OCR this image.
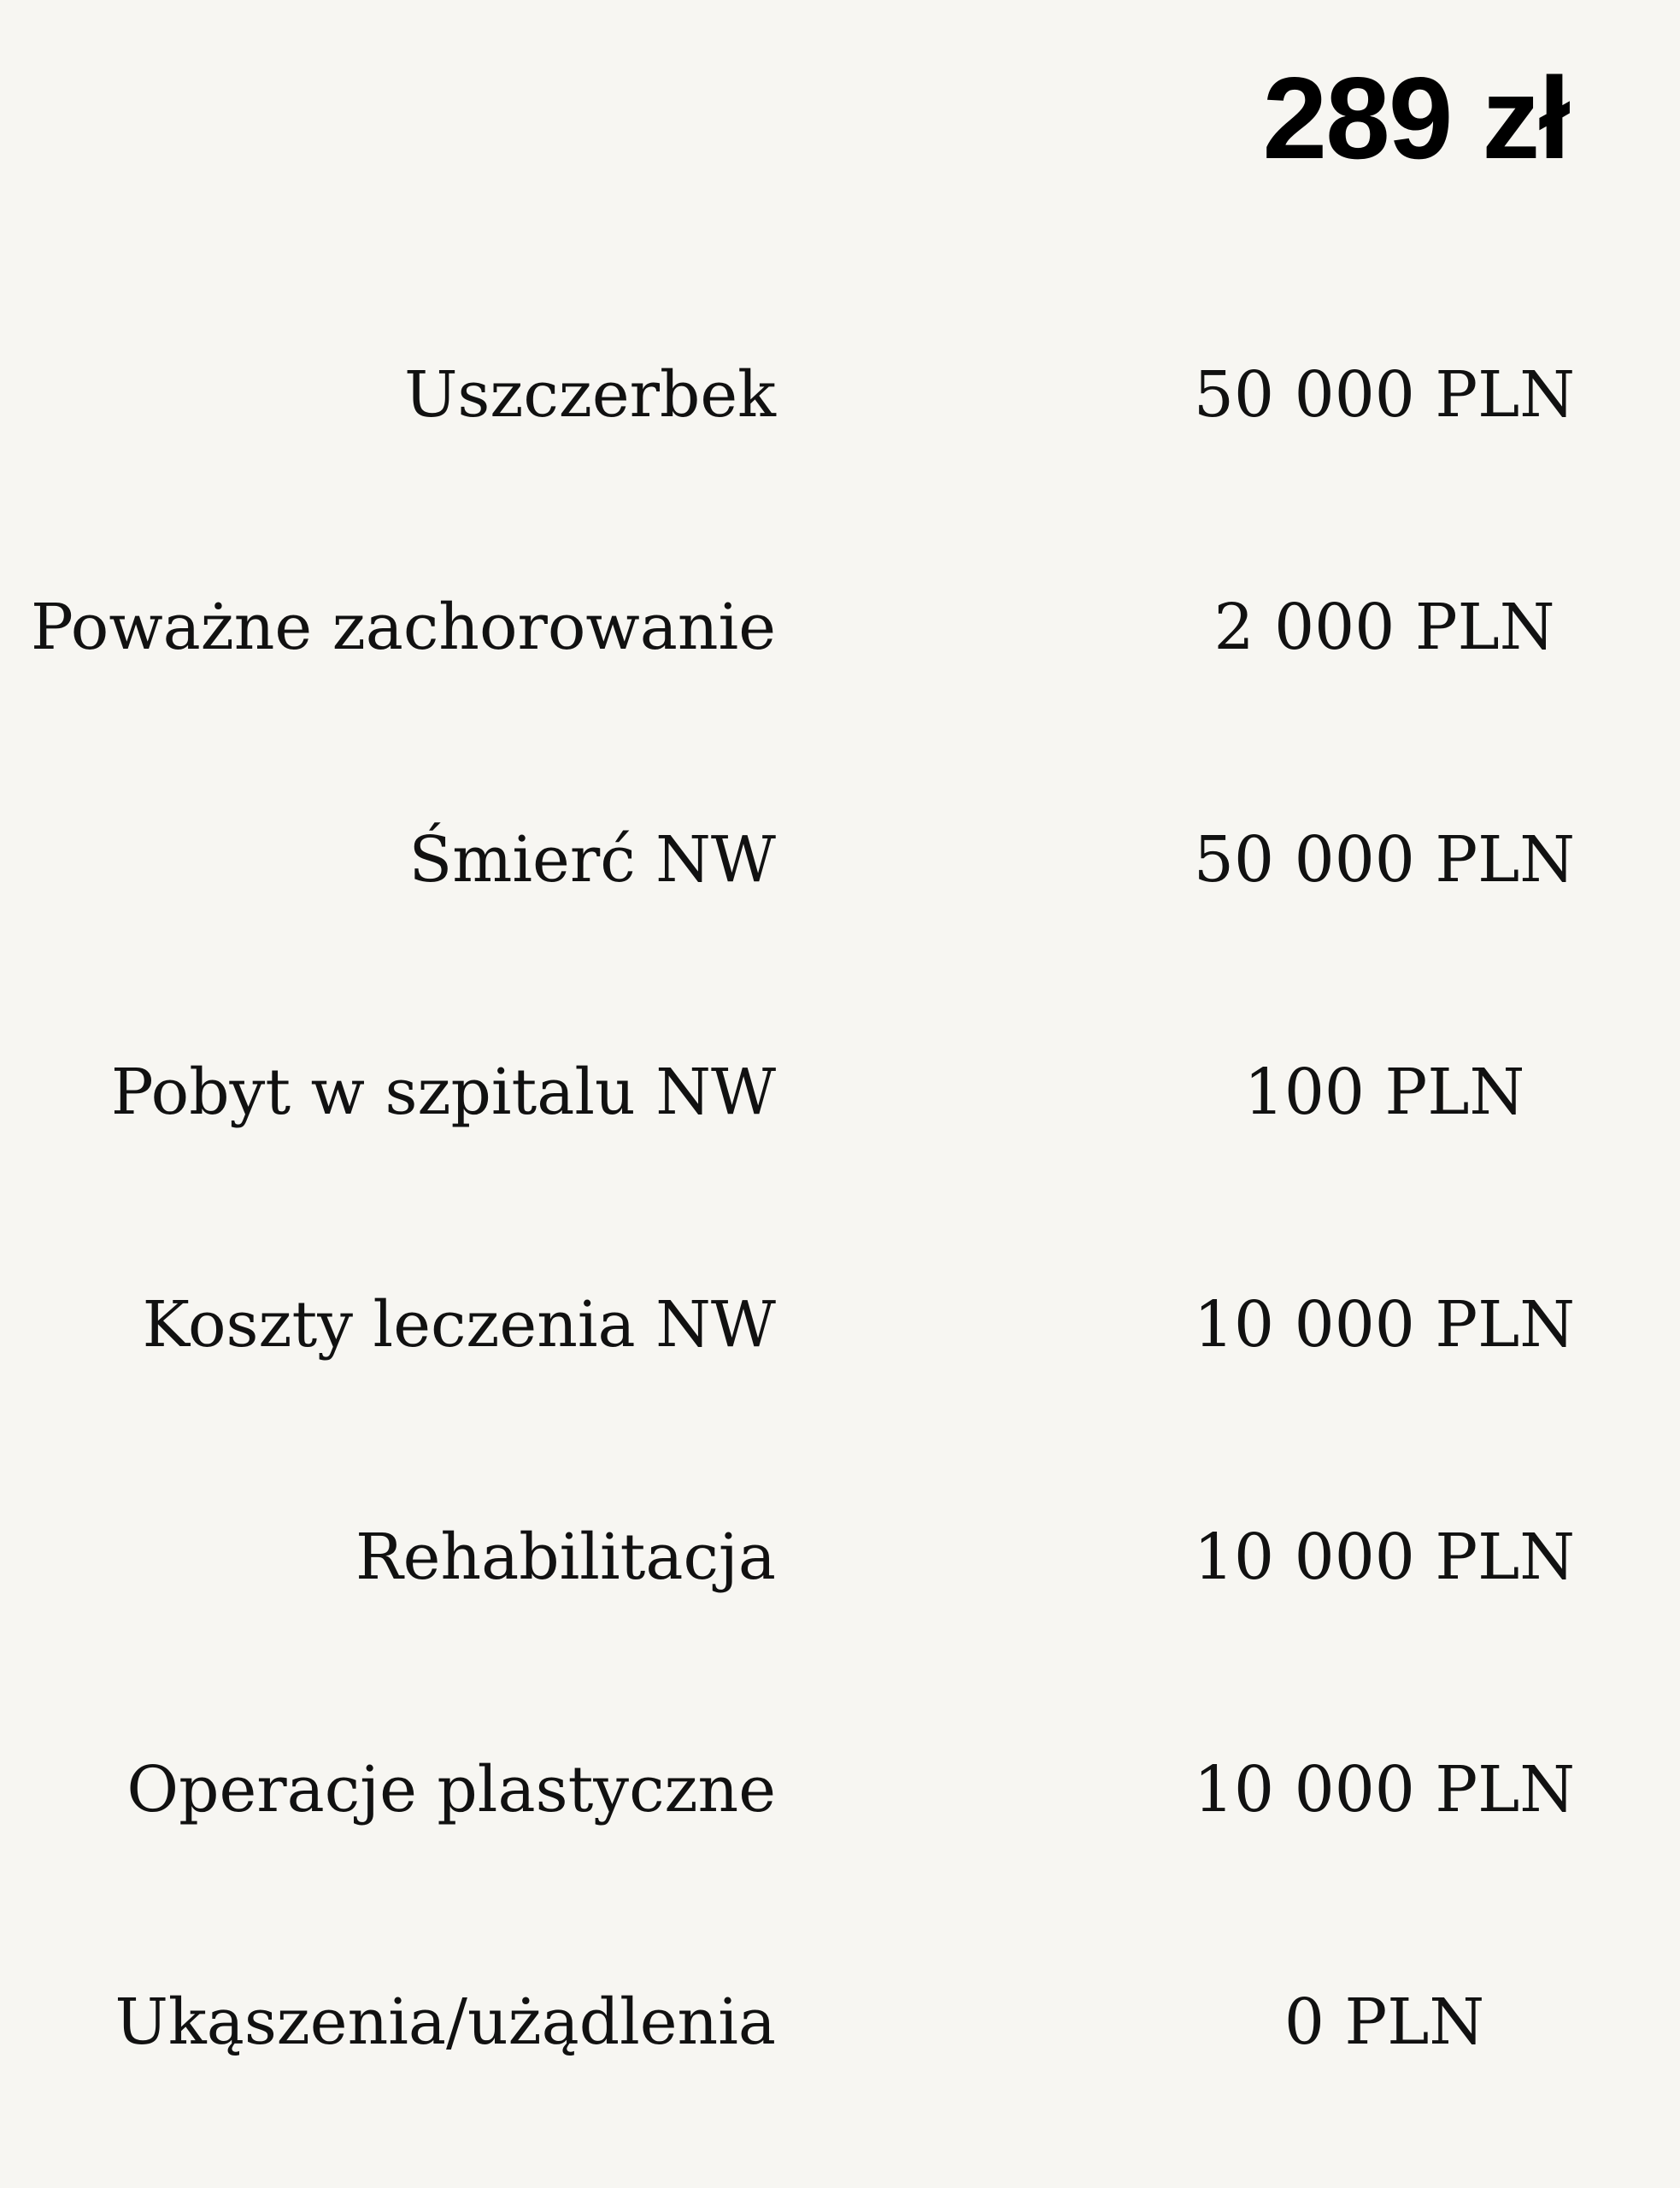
289 zł
Uszczerbek	50 000 PLN
Poważne zachorowanie	2 000 PLN
Śmierć NW	50 000 PLN
Pobyt w szpitalu NW	100 PLN
Koszty leczenia NW	10 000 PLN
Rehabilitacja	10 000 PLN
Operacje plastyczne	10 000 PLN
Ukąszenia/użądlenia	0 PLN
